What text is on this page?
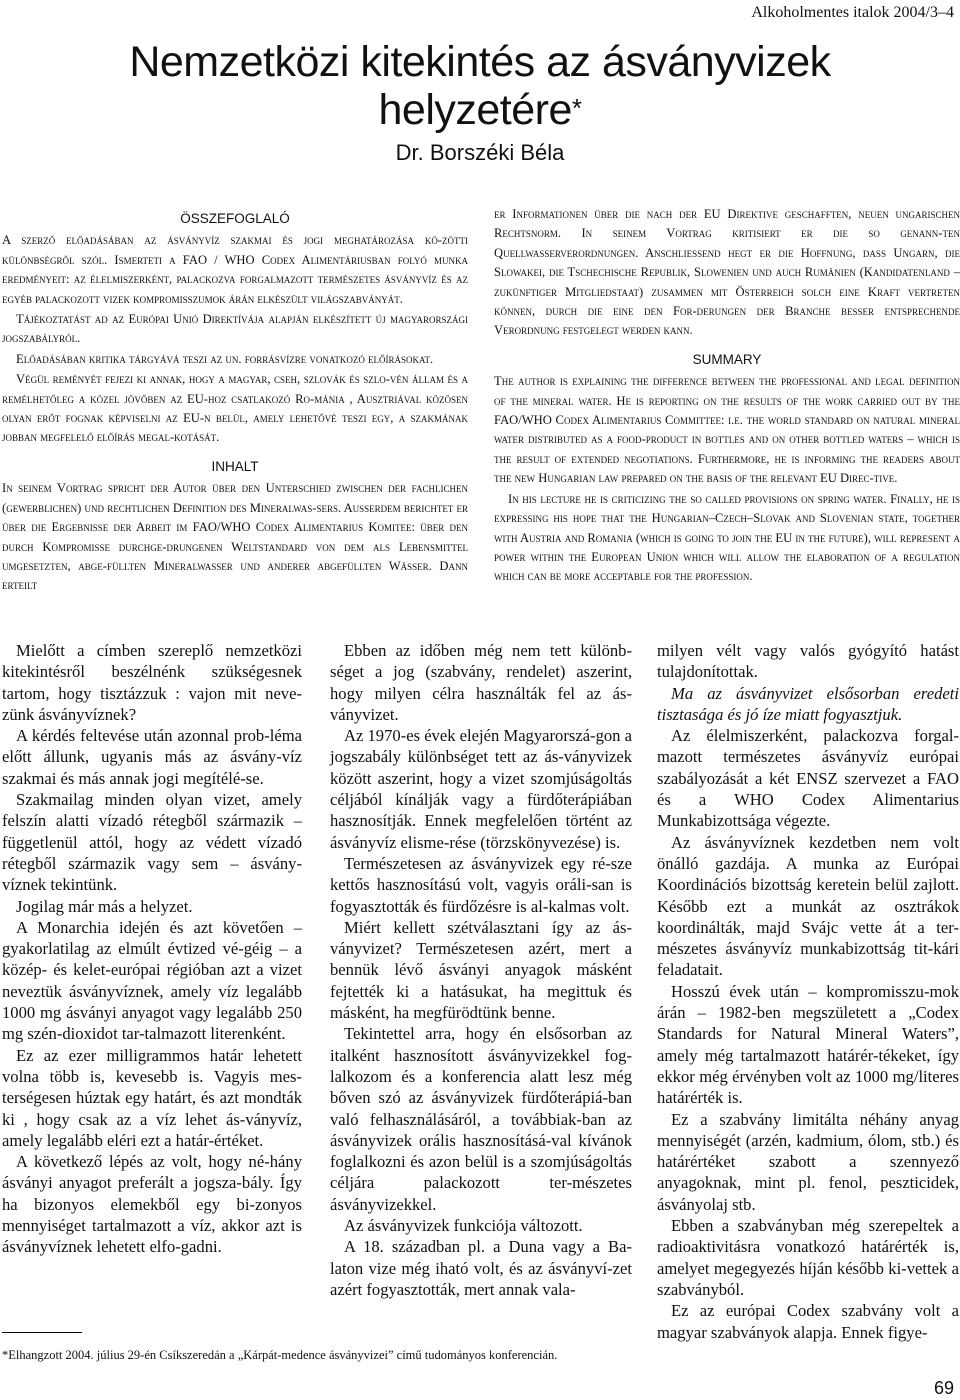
Alkoholmentes italok 2004/3–4
Nemzetközi kitekintés az ásványvizek
helyzetére*
Dr. Borszéki Béla
ÖSSZEFOGLALÓ

A szerző előadásában az ásványvíz szakmai és jogi meghatározása kö-zötti különbségről szól. Ismerteti a FAO / WHO Codex Alimentáriusban folyó munka eredményeit: az élelmiszerként, palackozva forgalmazott természetes ásványvíz és az egyéb palackozott vizek kompromisszumok árán elkészült világszabványát.

Tájékoztatást ad az Európai Unió Direktívája alapján elkészített új magyarországi jogszabályról.

Előadásában kritika tárgyává teszi az un. forrásvízre vonatkozó előírásokat.

Végül reményét fejezi ki annak, hogy a magyar, cseh, szlovák és szlo-vén állam és a remélhetőleg a közel jövőben az EU-hoz csatlakozó Ro-mánia , Ausztriával közösen olyan erőt fognak képviselni az EU-n belül, amely lehetővé teszi egy, a szakmának jobban megfelelő előírás megal-kotását.

INHALT

In seinem Vortrag spricht der Autor über den Unterschied zwischen der fachlichen (gewerblichen) und rechtlichen Definition des Mineralwas-sers. Außerdem berichtet er über die Ergebnisse der Arbeit im FAO/WHO Codex Alimentarius Komitee: über den durch Kompromisse durchge-drungenen Weltstandard von dem als Lebensmittel umgesetzten, abge-füllten Mineralwasser und anderer abgefüllten Wässer. Dann erteilt

er Informationen über die nach der EU Direktive geschafften, neuen ungarischen Rechtsnorm. In seinem Vortrag kritisiert er die so genann-ten Quellwasserverordnungen. Anschließend hegt er die Hoffnung, dass Ungarn, die Slowakei, die Tschechische Republik, Slowenien und auch Rumänien (Kandidatenland – zukünftiger Mitgliedstaat) zusammen mit Österreich solch eine Kraft vertreten können, durch die eine den For-derungen der Branche besser entsprechende Verordnung festgelegt werden kann.

SUMMARY

The author is explaining the difference between the professional and legal definition of the mineral water. He is reporting on the results of the work carried out by the FAO/WHO Codex Alimentarius Committee: i.e. the world standard on natural mineral water distributed as a food-product in bottles and on other bottled waters – which is the result of extended negotiations. Furthermore, he is informing the readers about the new Hungarian law prepared on the basis of the relevant EU Direc-tive.

In his lecture he is criticizing the so called provisions on spring water. Finally, he is expressing his hope that the Hungarian–Czech–Slovak and Slovenian state, together with Austria and Romania (which is going to join the EU in the future), will represent a power within the European Union which will allow the elaboration of a regulation which can be more acceptable for the profession.

Mielőtt a címben szereplő nemzetközi kitekintésről beszélnénk szükségesnek tartom, hogy tisztázzuk : vajon mit neve-zünk ásványvíznek?

A kérdés feltevése után azonnal prob-léma előtt állunk, ugyanis más az ásvány-víz szakmai és más annak jogi megítélé-se.

Szakmailag minden olyan vizet, amely felszín alatti vízadó rétegből származik – függetlenül attól, hogy az védett vízadó rétegből származik vagy sem – ásvány-víznek tekintünk.

Jogilag már más a helyzet.

A Monarchia idején és azt követően – gyakorlatilag az elmúlt évtized vé-géig – a közép- és kelet-európai régióban azt a vizet neveztük ásványvíznek, amely víz legalább 1000 mg ásványi anyagot vagy legalább 250 mg szén-dioxidot tar-talmazott literenként.

Ez az ezer milligrammos határ lehetett volna több is, kevesebb is. Vagyis mes-terségesen húztak egy határt, és azt mondták ki , hogy csak az a víz lehet ás-ványvíz, amely legalább eléri ezt a határ-értéket.

A következő lépés az volt, hogy né-hány ásványi anyagot preferált a jogsza-bály. Így ha bizonyos elemekből egy bi-zonyos mennyiséget tartalmazott a víz, akkor azt is ásványvíznek lehetett elfo-gadni.

Ebben az időben még nem tett különb-séget a jog (szabvány, rendelet) aszerint, hogy milyen célra használták fel az ás-ványvizet.

Az 1970-es évek elején Magyarorszá-gon a jogszabály különbséget tett az ás-ványvizek között aszerint, hogy a vizet szomjúságoltás céljából kínálják vagy a fürdőterápiában hasznosítják. Ennek megfelelően történt az ásványvíz elisme-rése (törzskönyvezése) is.

Természetesen az ásványvizek egy ré-sze kettős hasznosítású volt, vagyis oráli-san is fogyasztották és fürdőzésre is al-kalmas volt.

Miért kellett szétválasztani így az ás-ványvizet? Természetesen azért, mert a bennük lévő ásványi anyagok másként fejtették ki a hatásukat, ha megittuk és másként, ha megfürödtünk benne.

Tekintettel arra, hogy én elsősorban az italként hasznosított ásványvizekkel fog-lalkozom és a konferencia alatt lesz még bőven szó az ásványvizek fürdőterápiá-ban való felhasználásáról, a továbbiak-ban az ásványvizek orális hasznosításá-val kívánok foglalkozni és azon belül is a szomjúságoltás céljára palackozott ter-mészetes ásványvizekkel.

Az ásványvizek funkciója változott.

A 18. században pl. a Duna vagy a Ba-laton vize még iható volt, és az ásványví-zet azért fogyasztották, mert annak vala-

milyen vélt vagy valós gyógyító hatást tulajdonítottak.

Ma az ásványvizet elsősorban eredeti tisztasága és jó íze miatt fogyasztjuk.

Az élelmiszerként, palackozva forgal-mazott természetes ásványvíz európai szabályozását a két ENSZ szervezet a FAO és a WHO Codex Alimentarius Munkabizottsága végezte.

Az ásványvíznek kezdetben nem volt önálló gazdája. A munka az Európai Koordinációs bizottság keretein belül zajlott. Később ezt a munkát az osztrákok koordinálták, majd Svájc vette át a ter-mészetes ásványvíz munkabizottság tit-kári feladatait.

Hosszú évek után – kompromisszu-mok árán – 1982-ben megszületett a „Codex Standards for Natural Mineral Waters”, amely még tartalmazott határér-tékeket, így ekkor még érvényben volt az 1000 mg/literes határérték is.

Ez a szabvány limitálta néhány anyag mennyiségét (arzén, kadmium, ólom, stb.) és határértéket szabott a szennyező anyagoknak, mint pl. fenol, peszticidek, ásványolaj stb.

Ebben a szabványban még szerepeltek a radioaktivitásra vonatkozó határérték is, amelyet megegyezés híján később ki-vettek a szabványból.

Ez az európai Codex szabvány volt a magyar szabványok alapja. Ennek figye-

*Elhangzott 2004. július 29-én Csíkszeredán a „Kárpát-medence ásványvizei” című tudományos konferencián.
69
